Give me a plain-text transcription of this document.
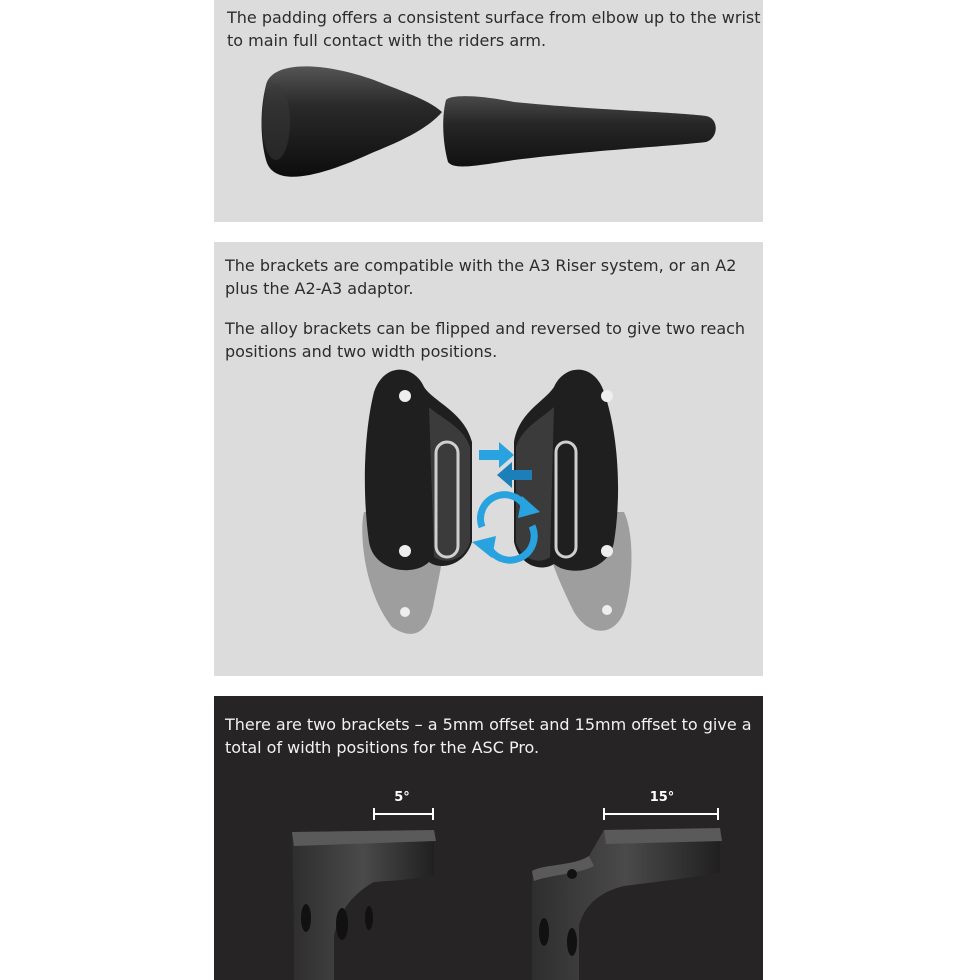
The padding offers a consistent surface from elbow up to the wrist
to main full contact with the riders arm.

The brackets are compatible with the A3 Riser system, or an A2
plus the A2-A3 adaptor.

The alloy brackets can be flipped and reversed to give two reach
positions and two width positions.

There are two brackets – a 5mm offset and 15mm offset to give a
total of width positions for the ASC Pro.

5°	15°
